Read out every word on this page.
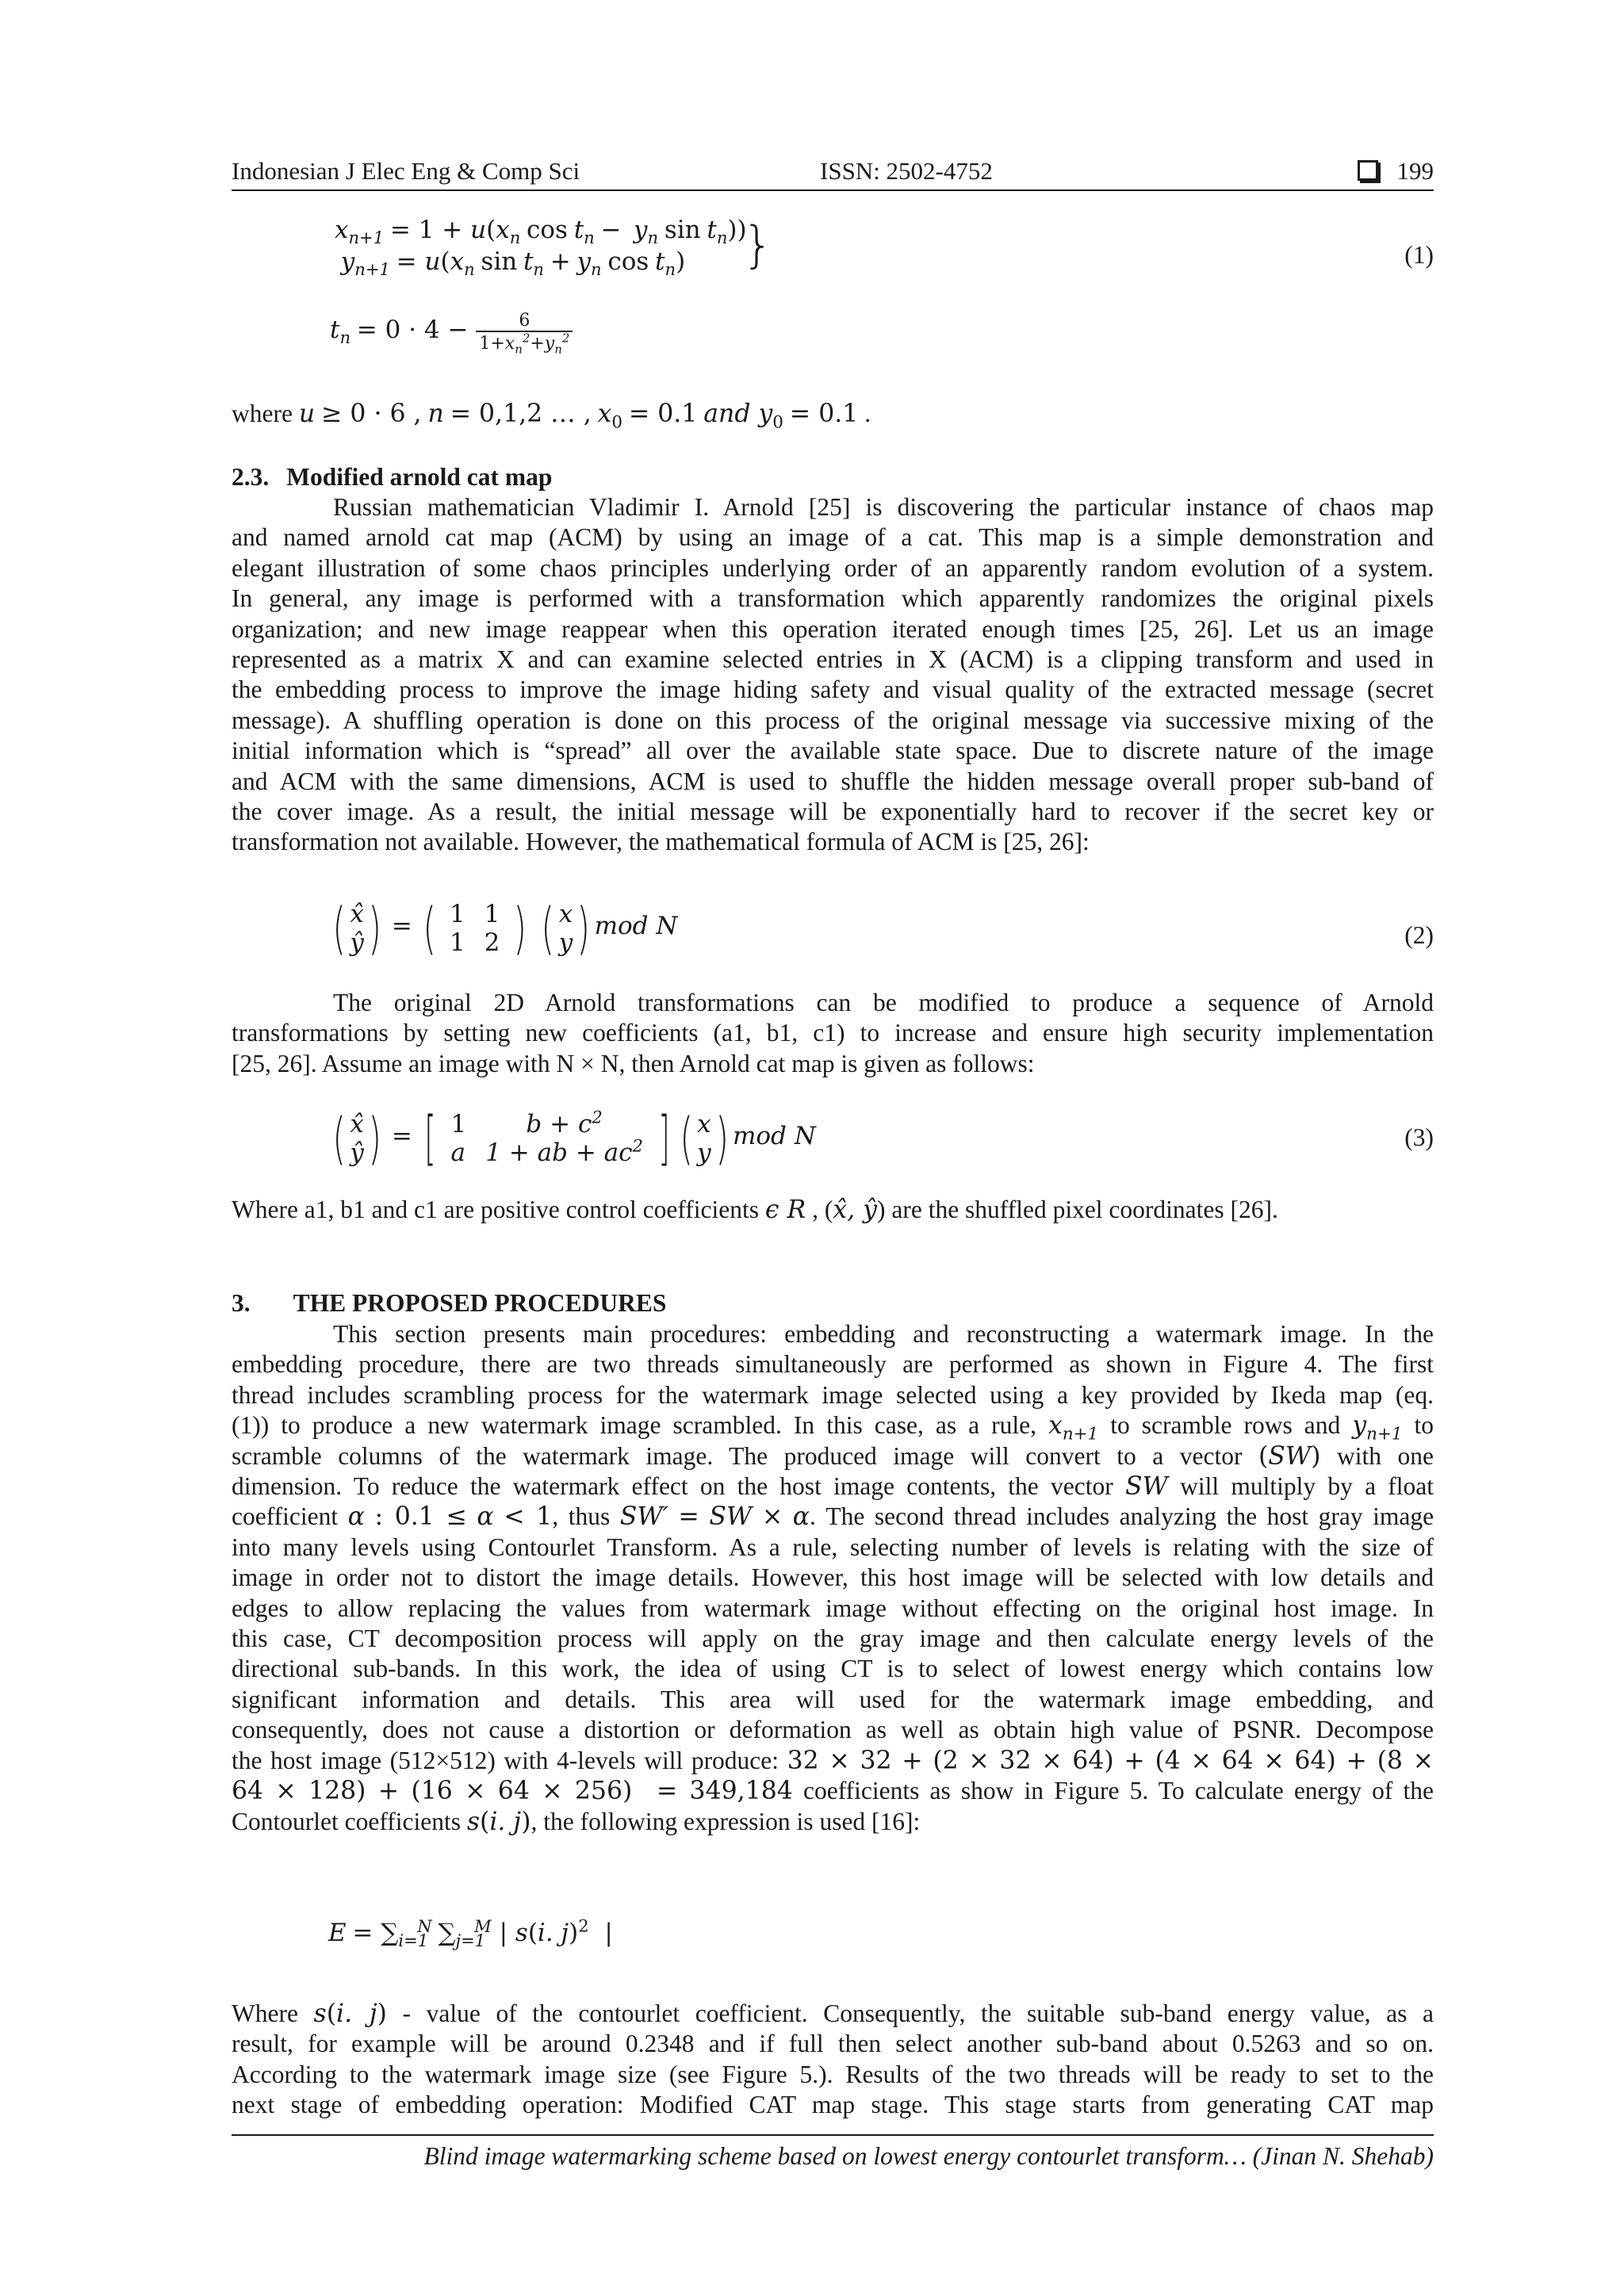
Indonesian J Elec Eng & Comp Sci	ISSN: 2502-4752	199
$x_{n+1} = 1 + u(x_n$ $\cos t_n - y_n$ $\sin t_n$))
$y_{n+1} = u(x_n$ $\sin t_n + y_n$ $\cos t_n$) }	(1)
$t_n = 0 \cdot 4 - \frac{6}{1+x_n^2+y_n^2}$
where u ≥ 0 · 6 , n = 0,1,2 … , $x_0 = 0.1$ and $y_0 = 0.1$ .
2.3. Modified arnold cat map
Russian mathematician Vladimir I. Arnold [25] is discovering the particular instance of chaos map
and named arnold cat map (ACM) by using an image of a cat. This map is a simple demonstration and
elegant illustration of some chaos principles underlying order of an apparently random evolution of a system.
In general, any image is performed with a transformation which apparently randomizes the original pixels
organization; and new image reappear when this operation iterated enough times [25, 26]. Let us an image
represented as a matrix X and can examine selected entries in X (ACM) is a clipping transform and used in
the embedding process to improve the image hiding safety and visual quality of the extracted message (secret
message). A shuffling operation is done on this process of the original message via successive mixing of the
initial information which is “spread” all over the available state space. Due to discrete nature of the image
and ACM with the same dimensions, ACM is used to shuffle the hidden message overall proper sub-band of
the cover image. As a result, the initial message will be exponentially hard to recover if the secret key or
transformation not available. However, the mathematical formula of ACM is [25, 26]:
( x̂
ŷ ) = ( 1	1
1	2 ) ( x
y ) mod N	(2)
The original 2D Arnold transformations can be modified to produce a sequence of Arnold
transformations by setting new coefficients (a1, b1, c1) to increase and ensure high security implementation
[25, 26]. Assume an image with N × N, then Arnold cat map is given as follows:
( x̂
ŷ ) = [ 1	$b + c^2$
a	1 + ab + $ac^2$ ] ( x
y ) mod N	(3)
Where a1, b1 and c1 are positive control coefficients ϵ R , (x̂, ŷ) are the shuffled pixel coordinates [26].
3. THE PROPOSED PROCEDURES
This section presents main procedures: embedding and reconstructing a watermark image. In the
embedding procedure, there are two threads simultaneously are performed as shown in Figure 4. The first
thread includes scrambling process for the watermark image selected using a key provided by Ikeda map (eq.
(1)) to produce a new watermark image scrambled. In this case, as a rule, $x_{n+1}$ to scramble rows and $y_{n+1}$ to
scramble columns of the watermark image. The produced image will convert to a vector (SW) with one
dimension. To reduce the watermark effect on the host image contents, the vector SW will multiply by a float
coefficient α : 0.1 ≤ α < 1, thus SW′ = SW × α. The second thread includes analyzing the host gray image
into many levels using Contourlet Transform. As a rule, selecting number of levels is relating with the size of
image in order not to distort the image details. However, this host image will be selected with low details and
edges to allow replacing the values from watermark image without effecting on the original host image. In
this case, CT decomposition process will apply on the gray image and then calculate energy levels of the
directional sub-bands. In this work, the idea of using CT is to select of lowest energy which contains low
significant information and details. This area will used for the watermark image embedding, and
consequently, does not cause a distortion or deformation as well as obtain high value of PSNR. Decompose
the host image (512×512) with 4-levels will produce: 32 × 32 + (2 × 32 × 64) + (4 × 64 × 64) + (8 ×
64 × 128) + (16 × 64 × 256)  = 349,184 coefficients as show in Figure 5. To calculate energy of the
Contourlet coefficients s(i. j), the following expression is used [16]:
$E = \sum_{i=1}^N$ $\sum_{j=1}^M$ | s(i. j)$^2$  |
Where s(i. j) - value of the contourlet coefficient. Consequently, the suitable sub-band energy value, as a
result, for example will be around 0.2348 and if full then select another sub-band about 0.5263 and so on.
According to the watermark image size (see Figure 5.). Results of the two threads will be ready to set to the
next stage of embedding operation: Modified CAT map stage. This stage starts from generating CAT map
Blind image watermarking scheme based on lowest energy contourlet transform… (Jinan N. Shehab)
